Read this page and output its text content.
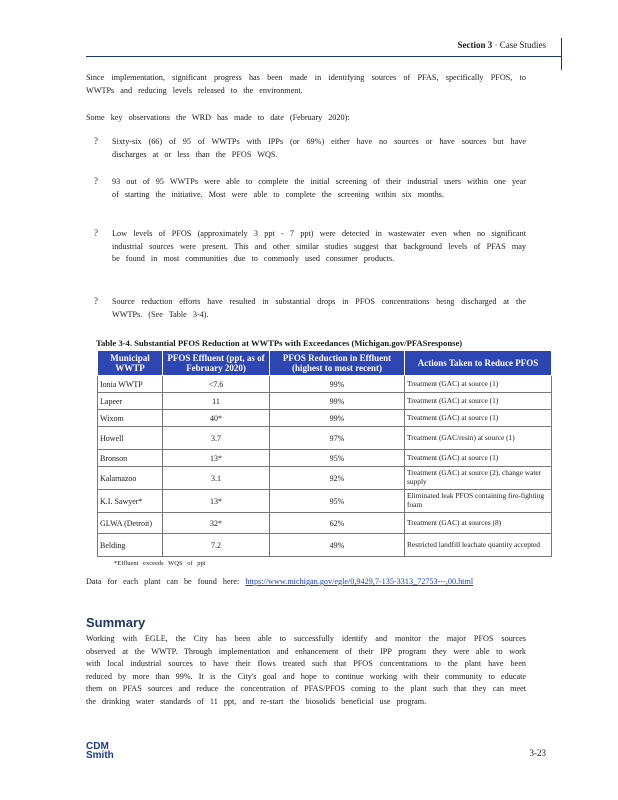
Section 3 · Case Studies
Since implementation, significant progress has been made in identifying sources of PFAS, specifically PFOS, to WWTPs and reducing levels released to the environment.
Some key observations the WRD has made to date (February 2020):
? Sixty-six (66) of 95 of WWTPs with IPPs (or 69%) either have no sources or have sources but have discharges at or less than the PFOS WQS.
? 93 out of 95 WWTPs were able to complete the initial screening of their industrial users within one year of starting the initiative. Most were able to complete the screening within six months.
? Low levels of PFOS (approximately 3 ppt - 7 ppt) were detected in wastewater even when no significant industrial sources were present. This and other similar studies suggest that background levels of PFAS may be found in most communities due to commonly used consumer products.
? Source reduction efforts have resulted in substantial drops in PFOS concentrations being discharged at the WWTPs. (See Table 3-4).
Table 3-4. Substantial PFOS Reduction at WWTPs with Exceedances (Michigan.gov/PFASresponse)
Municipal WWTP	PFOS Effluent (ppt, as of February 2020)	PFOS Reduction in Effluent (highest to most recent)	Actions Taken to Reduce PFOS
Ionia WWTP	<7.6	99%	Treatment (GAC) at source (1)
Lapeer	11	99%	Treatment (GAC) at source (1)
Wixom	40*	99%	Treatment (GAC) at source (1)
Howell	3.7	97%	Treatment (GAC/resin) at source (1)
Bronson	13*	95%	Treatment (GAC) at source (1)
Kalamazoo	3.1	92%	Treatment (GAC) at source (2), change water supply
K.I. Sawyer*	13*	95%	Eliminated leak PFOS containing fire-fighting foam
GLWA (Detroit)	32*	62%	Treatment (GAC) at sources (8)
Belding	7.2	49%	Restricted landfill leachate quantity accepted
*Effluent exceeds WQS of ppt
Data for each plant can be found here: https://www.michigan.gov/egle/0,9429,7-135-3313_72753---,00.html
Summary
Working with EGLE, the City has been able to successfully identify and monitor the major PFOS sources observed at the WWTP. Through implementation and enhancement of their IPP program they were able to work with local industrial sources to have their flows treated such that PFOS concentrations to the plant have been reduced by more than 99%. It is the City's goal and hope to continue working with their community to educate them on PFAS sources and reduce the concentration of PFAS/PFOS coming to the plant such that they can meet the drinking water standards of 11 ppt, and re-start the biosolids beneficial use program.
CDM
Smith	3-23
